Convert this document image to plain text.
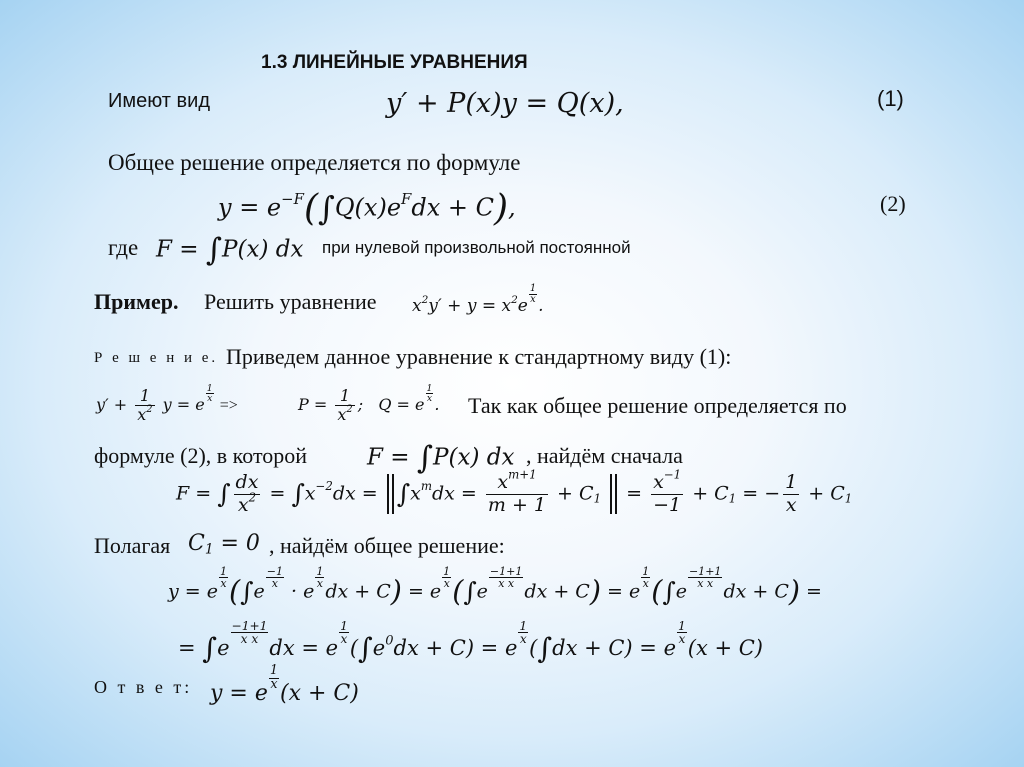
1.3 ЛИНЕЙНЫЕ УРАВНЕНИЯ
Имеют вид	y′ + P(x)y = Q(x),	(1)
Общее решение определяется по формуле
$y = e^{-F}(\int Q(x)e^Fdx + C)$,	(2)
где F = ∫P(x) dx при нулевой произвольной постоянной
Пример. Решить уравнение $x^2y' + y = x^2e$
$\frac{1}{x}$
.
Р е ш е н и е. Приведем данное уравнение к стандартному виду (1):
$y' + \frac{1}{x^2}$ y = e
$\frac{1}{x}$
=>	$P = \frac{1}{x^2}$ ;   Q = e
$\frac{1}{x}$
. Так как общее решение определяется по
формуле (2), в которой	F = ∫P(x) dx , найдём сначала
F = ∫ $\frac{dx}{x^2} = \int x^{-2}dx = \int x^mdx = \frac{x^{m+1}}{m + 1} + C_1 = \frac{x^{-1}}{-1} + C_1$ = − $\frac{1}{x} + C_1$
Полагая $C_1 = 0$ , найдём общее решение:
y = e
$\frac{1}{x} (\int e$
$\frac{-1}{x}$
· e
$\frac{1}{x}$
dx + C) = e
$\frac{1}{x} (\int e$
$\frac{-1+1}{\text{x x}}$
dx + C) = e
$\frac{1}{x} (\int e$
$\frac{-1+1}{\text{x x}}$
dx + C) =
= ∫e
$\frac{-1+1}{\text{x x}}$
dx = e
$\frac{1}{x}$
$(\int e^0dx + C) = e$
$\frac{1}{x}$
(∫dx + C) = e
$\frac{1}{x}$
(x + C)
О т в е т: y = e
$\frac{1}{x}$
(x + C)
